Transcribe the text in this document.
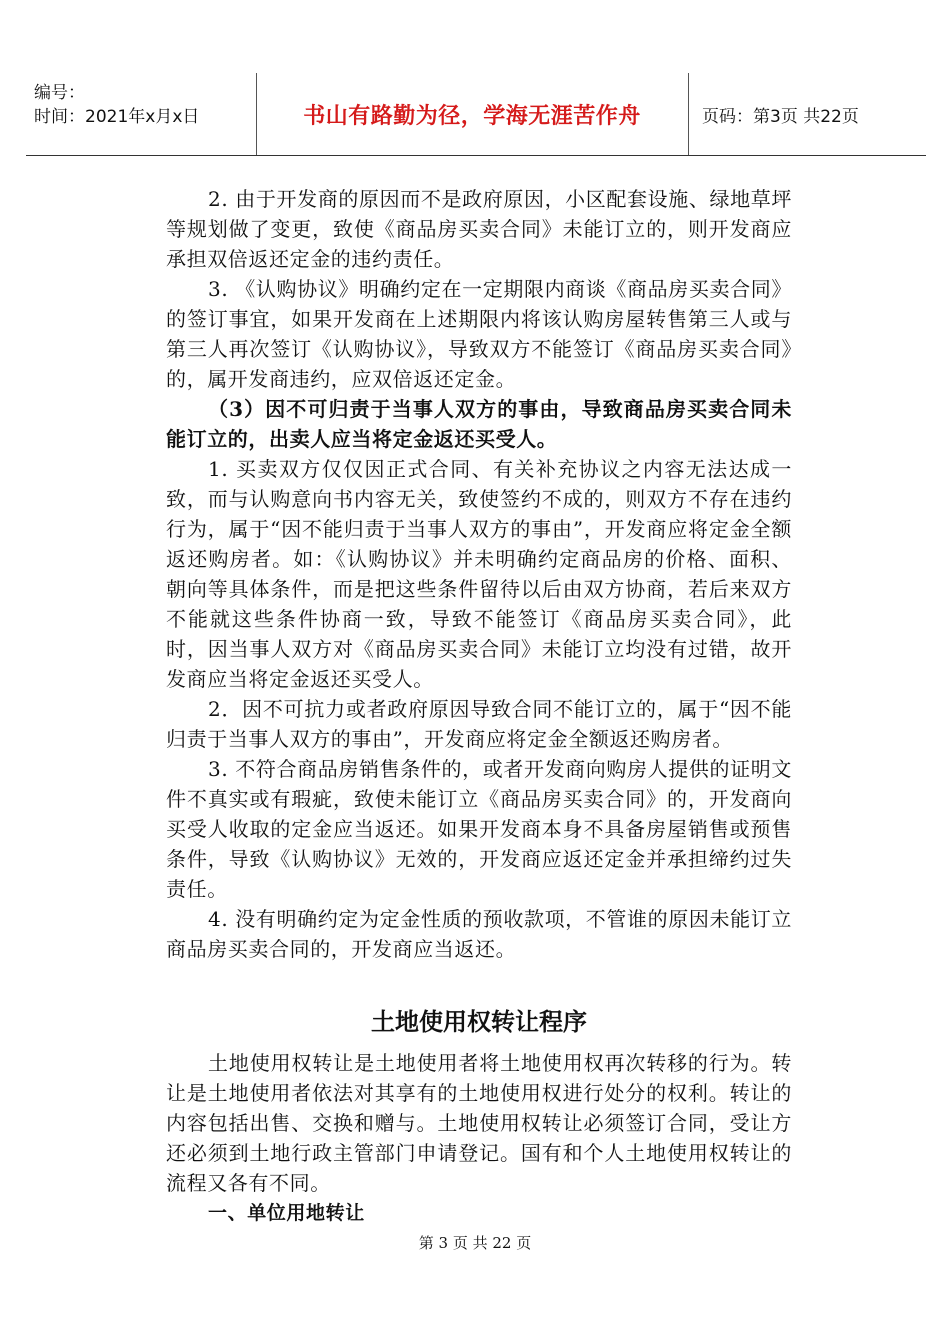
编号：
时间：2021年x月x日	书山有路勤为径，学海无涯苦作舟	页码：第3页 共22页

2. 由于开发商的原因而不是政府原因，小区配套设施、绿地草坪等规划做了变更，致使《商品房买卖合同》未能订立的，则开发商应承担双倍返还定金的违约责任。

3. 《认购协议》明确约定在一定期限内商谈《商品房买卖合同》的签订事宜，如果开发商在上述期限内将该认购房屋转售第三人或与第三人再次签订《认购协议》，导致双方不能签订《商品房买卖合同》的，属开发商违约，应双倍返还定金。

（3）因不可归责于当事人双方的事由，导致商品房买卖合同未能订立的，出卖人应当将定金返还买受人。

1. 买卖双方仅仅因正式合同、有关补充协议之内容无法达成一致，而与认购意向书内容无关，致使签约不成的，则双方不存在违约行为，属于“因不能归责于当事人双方的事由”，开发商应将定金全额返还购房者。如：《认购协议》并未明确约定商品房的价格、面积、朝向等具体条件，而是把这些条件留待以后由双方协商，若后来双方不能就这些条件协商一致，导致不能签订《商品房买卖合同》，此时，因当事人双方对《商品房买卖合同》未能订立均没有过错，故开发商应当将定金返还买受人。

2．因不可抗力或者政府原因导致合同不能订立的，属于“因不能归责于当事人双方的事由”，开发商应将定金全额返还购房者。

3. 不符合商品房销售条件的，或者开发商向购房人提供的证明文件不真实或有瑕疵，致使未能订立《商品房买卖合同》的，开发商向买受人收取的定金应当返还。如果开发商本身不具备房屋销售或预售条件，导致《认购协议》无效的，开发商应返还定金并承担缔约过失责任。

4. 没有明确约定为定金性质的预收款项，不管谁的原因未能订立商品房买卖合同的，开发商应当返还。

土地使用权转让程序

土地使用权转让是土地使用者将土地使用权再次转移的行为。转让是土地使用者依法对其享有的土地使用权进行处分的权利。转让的内容包括出售、交换和赠与。土地使用权转让必须签订合同，受让方还必须到土地行政主管部门申请登记。国有和个人土地使用权转让的流程又各有不同。

一、单位用地转让

第 3 页 共 22 页
